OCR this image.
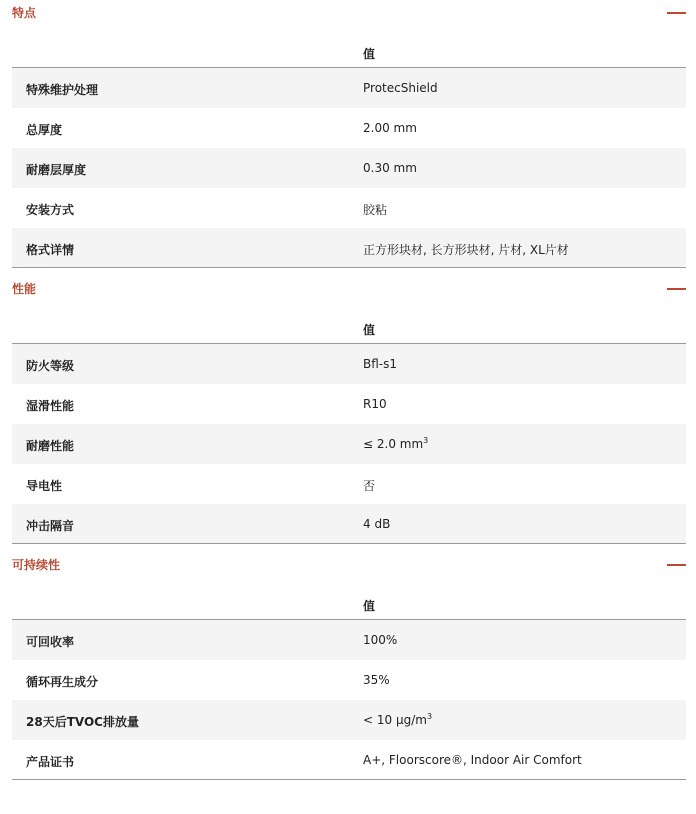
特点
值
特殊维护处理	ProtecShield
总厚度	2.00 mm
耐磨层厚度	0.30 mm
安装方式	胶粘
格式详情	正方形块材, 长方形块材, 片材, XL片材
性能
值
防火等级	Bfl-s1
湿滑性能	R10
耐磨性能	≤ 2.0 $mm^3$
导电性	否
冲击隔音	4 dB
可持续性
值
可回收率	100%
循环再生成分	35%
28天后TVOC排放量	< 10 $\mu g/m^3$
产品证书	A+, Floorscore®, Indoor Air Comfort
